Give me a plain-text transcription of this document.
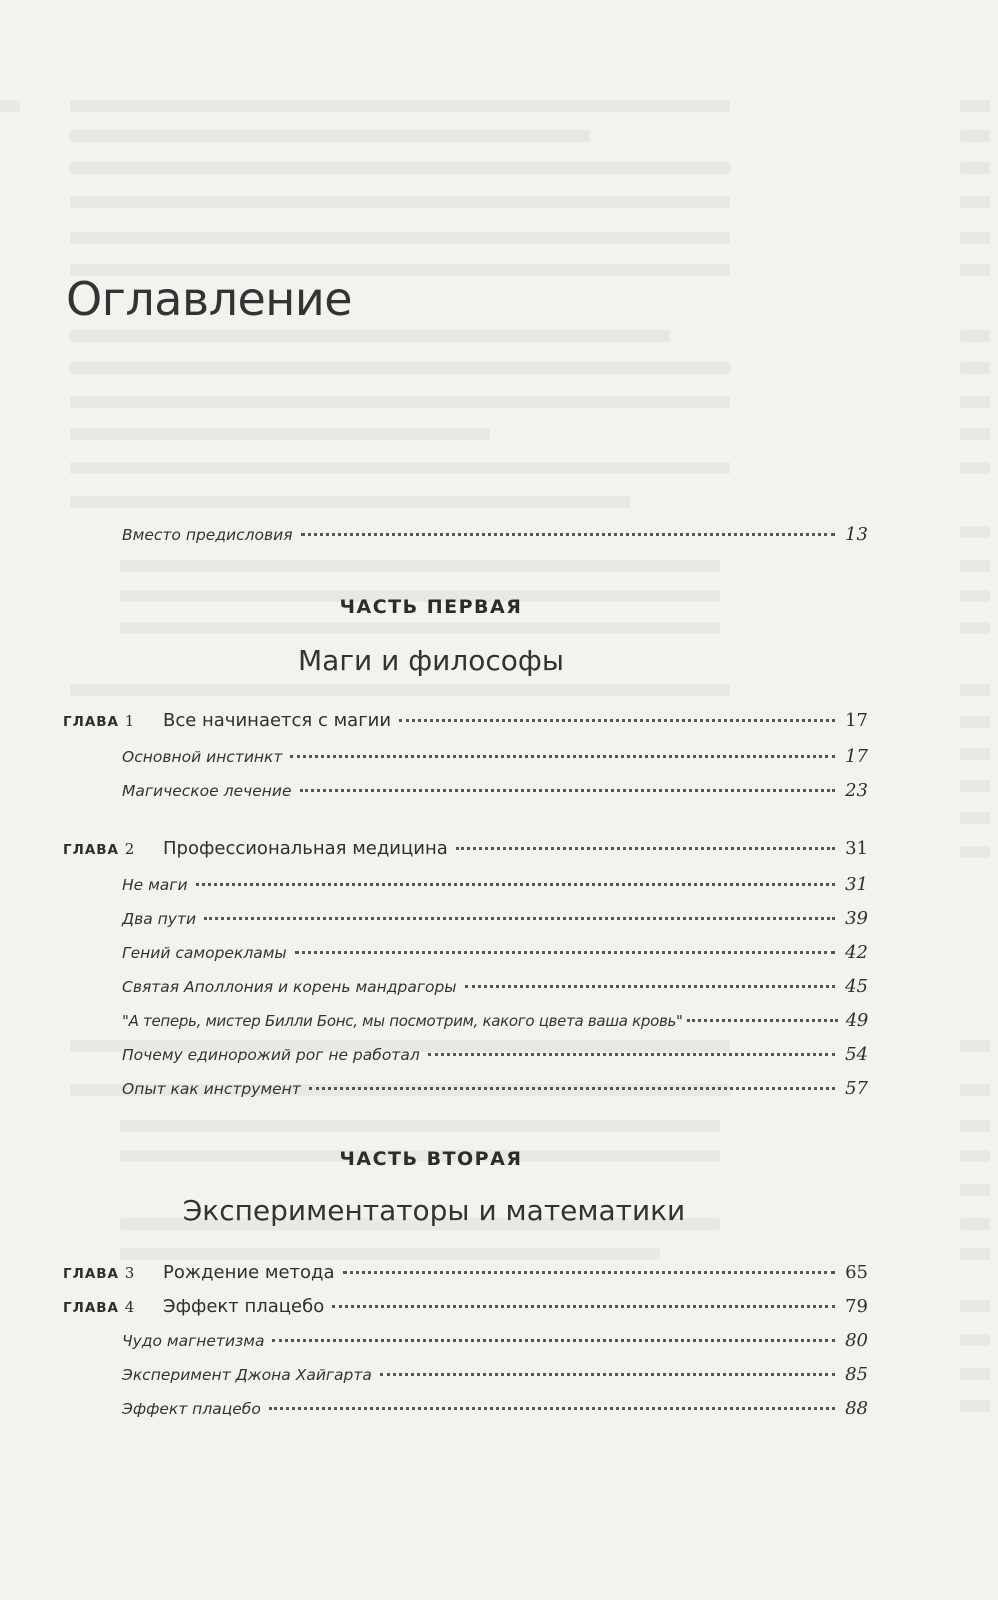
Оглавление
Вместо предисловия	13
ЧАСТЬ ПЕРВАЯ
Маги и философы
ГЛАВА 1	Все начинается с магии	17
Основной инстинкт	17
Магическое лечение	23
ГЛАВА 2	Профессиональная медицина	31
Не маги	31
Два пути	39
Гений саморекламы	42
Святая Аполлония и корень мандрагоры	45
"А теперь, мистер Билли Бонс, мы посмотрим, какого цвета ваша кровь"	49
Почему единорожий рог не работал	54
Опыт как инструмент	57
ЧАСТЬ ВТОРАЯ
Экспериментаторы и математики
ГЛАВА 3	Рождение метода	65
ГЛАВА 4	Эффект плацебо	79
Чудо магнетизма	80
Эксперимент Джона Хайгарта	85
Эффект плацебо	88
